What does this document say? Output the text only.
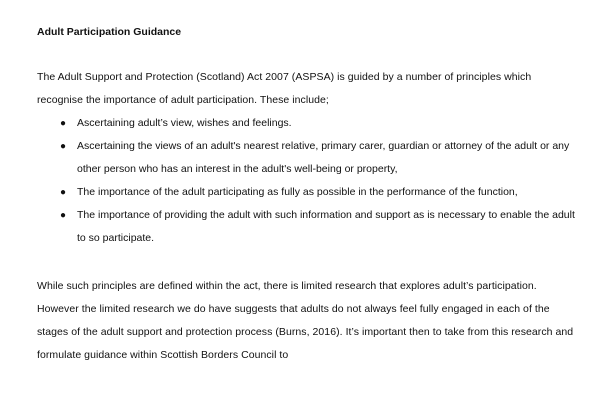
Adult Participation Guidance

The Adult Support and Protection (Scotland) Act 2007 (ASPSA) is guided by a number of principles which recognise the importance of adult participation. These include;

● Ascertaining adult’s view, wishes and feelings.
● Ascertaining the views of an adult's nearest relative, primary carer, guardian or attorney of the adult or any other person who has an interest in the adult's well-being or property,
● The importance of the adult participating as fully as possible in the performance of the function,
● The importance of providing the adult with such information and support as is necessary to enable the adult to so participate.

While such principles are defined within the act, there is limited research that explores adult’s participation. However the limited research we do have suggests that adults do not always feel fully engaged in each of the stages of the adult support and protection process (Burns, 2016). It’s important then to take from this research and formulate guidance within Scottish Borders Council to
